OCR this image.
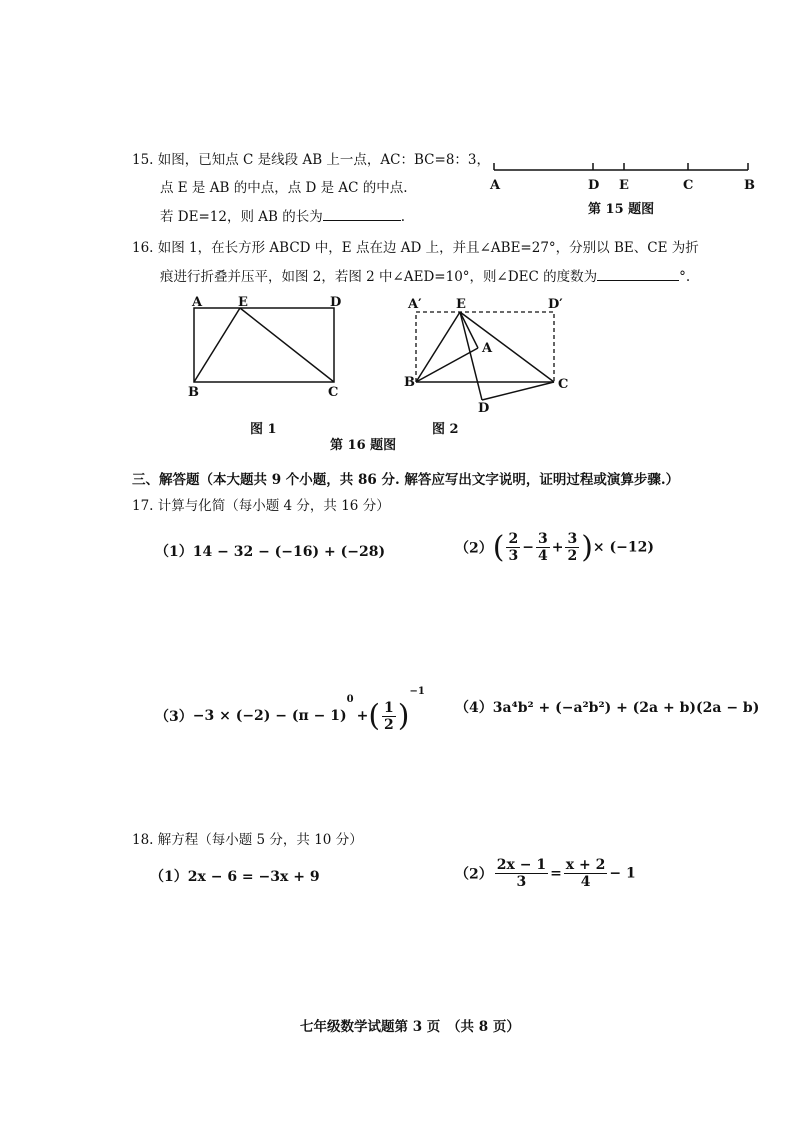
15. 如图，已知点 C 是线段 AB 上一点，AC：BC=8：3，
点 E 是 AB 的中点，点 D 是 AC 的中点.
若 DE=12，则 AB 的长为	.
A	D E	C	B
第 15 题图
16. 如图 1，在长方形 ABCD 中，E 点在边 AD 上，并且∠ABE=27°，分别以 BE、CE 为折
痕进行折叠并压平，如图 2，若图 2 中∠AED=10°，则∠DEC 的度数为	°.
A	E	D
B	C
A′	E	D′
A
B	C
D
图 1	图 2
第 16 题图
三、解答题（本大题共 9 个小题，共 86 分. 解答应写出文字说明，证明过程或演算步骤.）
17. 计算与化简（每小题 4 分，共 16 分）
（1）14 − 32 − (−16) + (−28)	$(2)( \frac{2}{3} - \frac{3}{4} + \frac{3}{2}$ )× (−12)
$(3)-3 \times (-2) - (\pi - 1)^0+( \frac{1}{2} )^{-1}$
（4）3a⁴b² + (−a²b²) + (2a + b)(2a − b)
18. 解方程（每小题 5 分，共 10 分）
（1）2x − 6 = −3x + 9	$(2) \frac{2x - 1}{3} = \frac{x + 2}{4} - 1$
七年级数学试题第 3 页　（共 8 页）
